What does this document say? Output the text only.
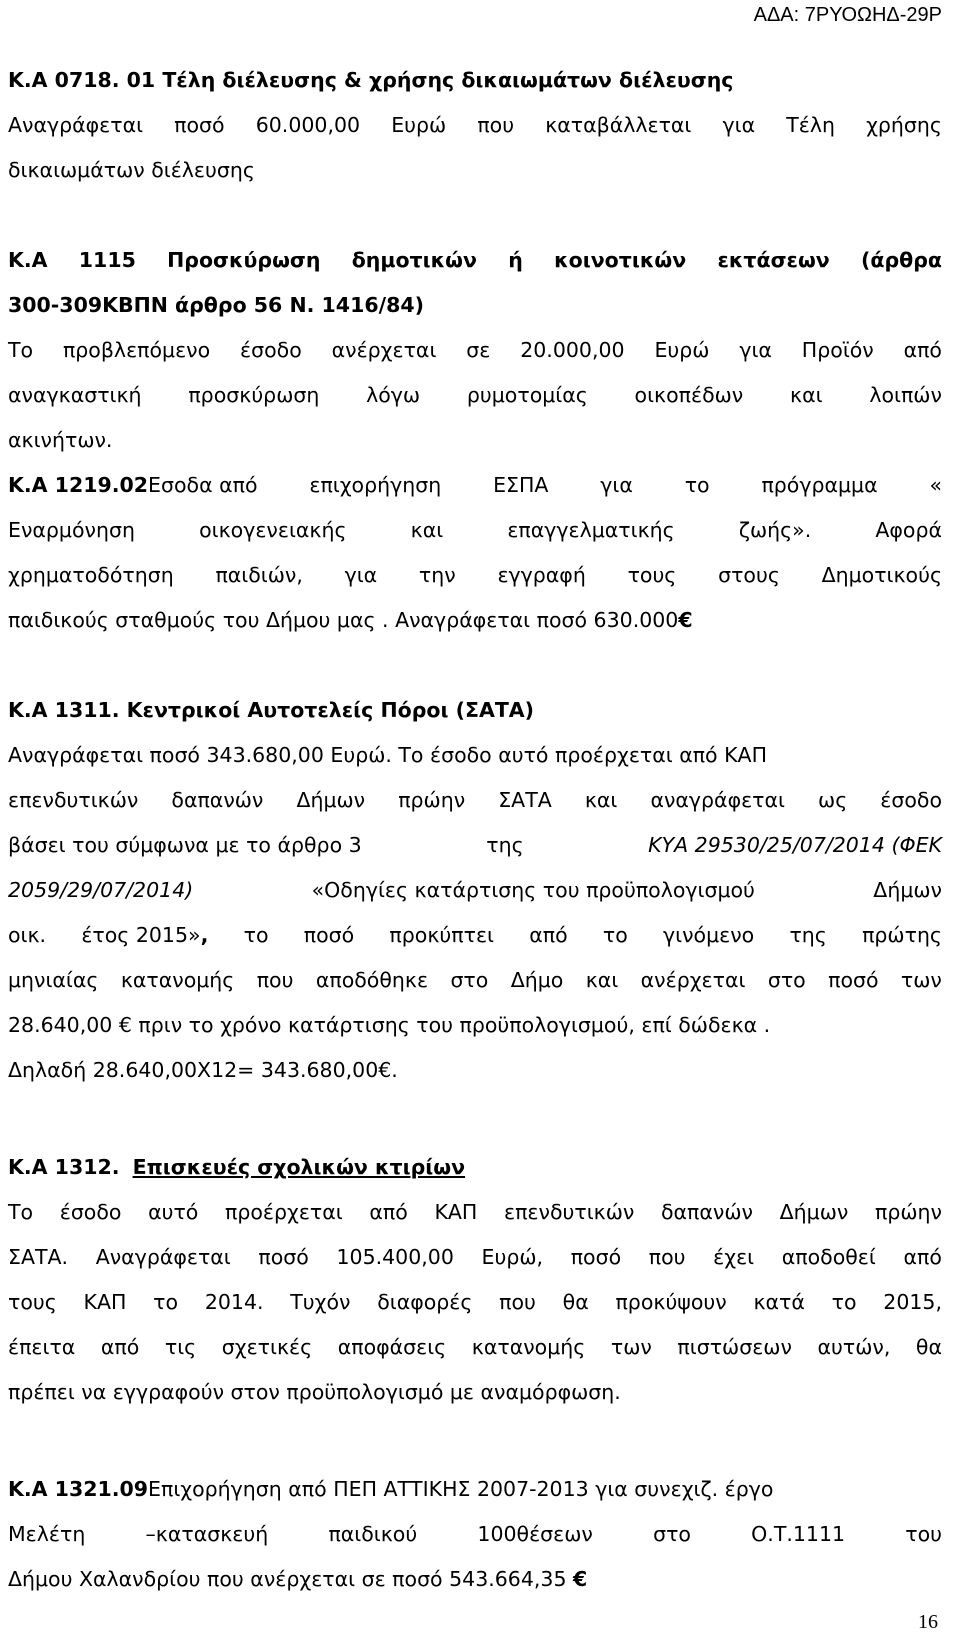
ΑΔΑ: 7ΡΥΟΩΗΔ-29Ρ
Κ.Α 0718. 01 Τέλη διέλευσης & χρήσης δικαιωμάτων διέλευσης
Αναγράφεται ποσό 60.000,00 Ευρώ που καταβάλλεται για Τέλη χρήσης
δικαιωμάτων διέλευσης
Κ.Α 1115 Προσκύρωση δημοτικών ή κοινοτικών εκτάσεων (άρθρα
300-309ΚΒΠΝ άρθρο 56 Ν. 1416/84)
Το προβλεπόμενο έσοδο ανέρχεται σε 20.000,00 Ευρώ για Προϊόν από
αναγκαστική προσκύρωση λόγω ρυμοτομίας οικοπέδων και λοιπών
ακινήτων.
Κ.Α 1219.02Εσοδα από	επιχορήγηση	ΕΣΠΑ	για	το	πρόγραμμα	«
Εναρμόνηση	οικογενειακής	και	επαγγελματικής	ζωής».	Αφορά
χρηματοδότηση παιδιών, για την εγγραφή τους στους Δημοτικούς
παιδικούς σταθμούς του Δήμου μας . Αναγράφεται ποσό 630.000€
Κ.Α 1311. Κεντρικοί Αυτοτελείς Πόροι (ΣΑΤΑ)
Αναγράφεται ποσό 343.680,00 Ευρώ. Το έσοδο αυτό προέρχεται από ΚΑΠ
επενδυτικών δαπανών Δήμων πρώην ΣΑΤΑ και αναγράφεται ως έσοδο
βάσει του σύμφωνα με το άρθρο 3	της	ΚΥΑ 29530/25/07/2014 (ΦΕΚ
2059/29/07/2014)	«Οδηγίες κατάρτισης του προϋπολογισμού	Δήμων
οικ. έτος 2015», το ποσό προκύπτει από το γινόμενο της πρώτης
μηνιαίας κατανομής που αποδόθηκε στο Δήμο και ανέρχεται στο ποσό των
28.640,00 € πριν το χρόνο κατάρτισης του προϋπολογισμού, επί δώδεκα .
Δηλαδή 28.640,00Χ12= 343.680,00€.
Κ.Α 1312. Επισκευές σχολικών κτιρίων
Το έσοδο αυτό προέρχεται από ΚΑΠ επενδυτικών δαπανών Δήμων πρώην
ΣΑΤΑ. Αναγράφεται ποσό 105.400,00 Ευρώ, ποσό που έχει αποδοθεί από
τους ΚΑΠ το 2014. Τυχόν διαφορές που θα προκύψουν κατά το 2015,
έπειτα από τις σχετικές αποφάσεις κατανομής των πιστώσεων αυτών, θα
πρέπει να εγγραφούν στον προϋπολογισμό με αναμόρφωση.
Κ.Α 1321.09Επιχορήγηση από ΠΕΠ ΑΤΤΙΚΗΣ 2007-2013 για συνεχιζ. έργο
Μελέτη	–κατασκευή	παιδικού	100θέσεων	στο	Ο.Τ.1111	του
Δήμου Χαλανδρίου που ανέρχεται σε ποσό 543.664,35 €
16
